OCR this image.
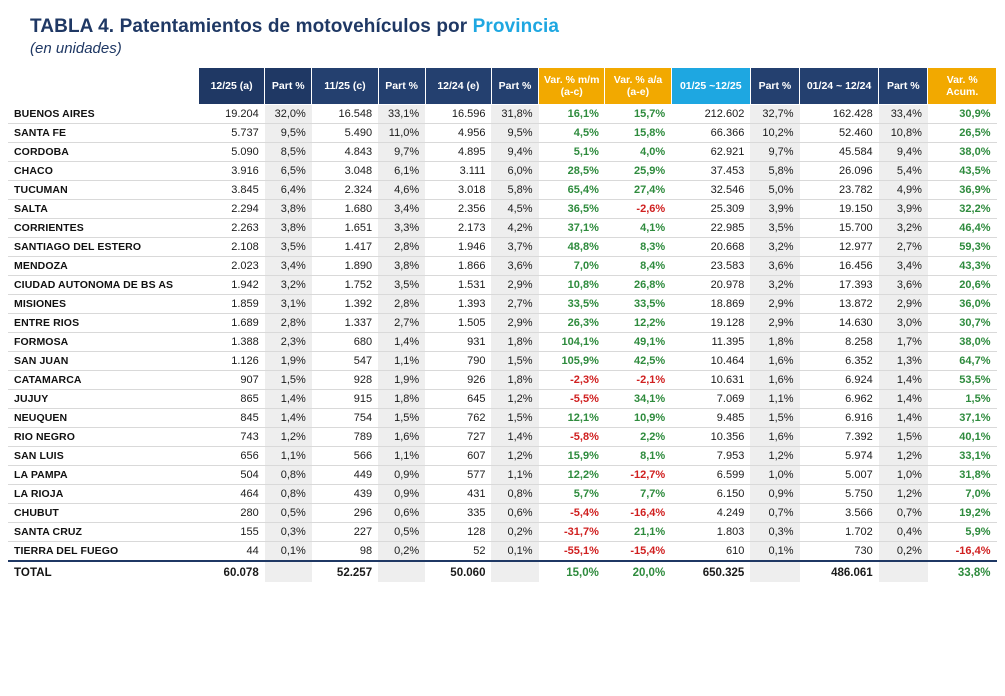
TABLA 4. Patentamientos de motovehículos por Provincia
(en unidades)
	12/25 (a)	Part %	11/25 (c)	Part %	12/24 (e)	Part %	Var. % m/m (a-c)	Var. % a/a (a-e)	01/25 ~12/25	Part %	01/24 ~ 12/24	Part %	Var. % Acum.
BUENOS AIRES	19.204	32,0%	16.548	33,1%	16.596	31,8%	16,1%	15,7%	212.602	32,7%	162.428	33,4%	30,9%
SANTA FE	5.737	9,5%	5.490	11,0%	4.956	9,5%	4,5%	15,8%	66.366	10,2%	52.460	10,8%	26,5%
CORDOBA	5.090	8,5%	4.843	9,7%	4.895	9,4%	5,1%	4,0%	62.921	9,7%	45.584	9,4%	38,0%
CHACO	3.916	6,5%	3.048	6,1%	3.111	6,0%	28,5%	25,9%	37.453	5,8%	26.096	5,4%	43,5%
TUCUMAN	3.845	6,4%	2.324	4,6%	3.018	5,8%	65,4%	27,4%	32.546	5,0%	23.782	4,9%	36,9%
SALTA	2.294	3,8%	1.680	3,4%	2.356	4,5%	36,5%	-2,6%	25.309	3,9%	19.150	3,9%	32,2%
CORRIENTES	2.263	3,8%	1.651	3,3%	2.173	4,2%	37,1%	4,1%	22.985	3,5%	15.700	3,2%	46,4%
SANTIAGO DEL ESTERO	2.108	3,5%	1.417	2,8%	1.946	3,7%	48,8%	8,3%	20.668	3,2%	12.977	2,7%	59,3%
MENDOZA	2.023	3,4%	1.890	3,8%	1.866	3,6%	7,0%	8,4%	23.583	3,6%	16.456	3,4%	43,3%
CIUDAD AUTONOMA DE BS AS	1.942	3,2%	1.752	3,5%	1.531	2,9%	10,8%	26,8%	20.978	3,2%	17.393	3,6%	20,6%
MISIONES	1.859	3,1%	1.392	2,8%	1.393	2,7%	33,5%	33,5%	18.869	2,9%	13.872	2,9%	36,0%
ENTRE RIOS	1.689	2,8%	1.337	2,7%	1.505	2,9%	26,3%	12,2%	19.128	2,9%	14.630	3,0%	30,7%
FORMOSA	1.388	2,3%	680	1,4%	931	1,8%	104,1%	49,1%	11.395	1,8%	8.258	1,7%	38,0%
SAN JUAN	1.126	1,9%	547	1,1%	790	1,5%	105,9%	42,5%	10.464	1,6%	6.352	1,3%	64,7%
CATAMARCA	907	1,5%	928	1,9%	926	1,8%	-2,3%	-2,1%	10.631	1,6%	6.924	1,4%	53,5%
JUJUY	865	1,4%	915	1,8%	645	1,2%	-5,5%	34,1%	7.069	1,1%	6.962	1,4%	1,5%
NEUQUEN	845	1,4%	754	1,5%	762	1,5%	12,1%	10,9%	9.485	1,5%	6.916	1,4%	37,1%
RIO NEGRO	743	1,2%	789	1,6%	727	1,4%	-5,8%	2,2%	10.356	1,6%	7.392	1,5%	40,1%
SAN LUIS	656	1,1%	566	1,1%	607	1,2%	15,9%	8,1%	7.953	1,2%	5.974	1,2%	33,1%
LA PAMPA	504	0,8%	449	0,9%	577	1,1%	12,2%	-12,7%	6.599	1,0%	5.007	1,0%	31,8%
LA RIOJA	464	0,8%	439	0,9%	431	0,8%	5,7%	7,7%	6.150	0,9%	5.750	1,2%	7,0%
CHUBUT	280	0,5%	296	0,6%	335	0,6%	-5,4%	-16,4%	4.249	0,7%	3.566	0,7%	19,2%
SANTA CRUZ	155	0,3%	227	0,5%	128	0,2%	-31,7%	21,1%	1.803	0,3%	1.702	0,4%	5,9%
TIERRA DEL FUEGO	44	0,1%	98	0,2%	52	0,1%	-55,1%	-15,4%	610	0,1%	730	0,2%	-16,4%
TOTAL	60.078		52.257		50.060		15,0%	20,0%	650.325		486.061		33,8%
